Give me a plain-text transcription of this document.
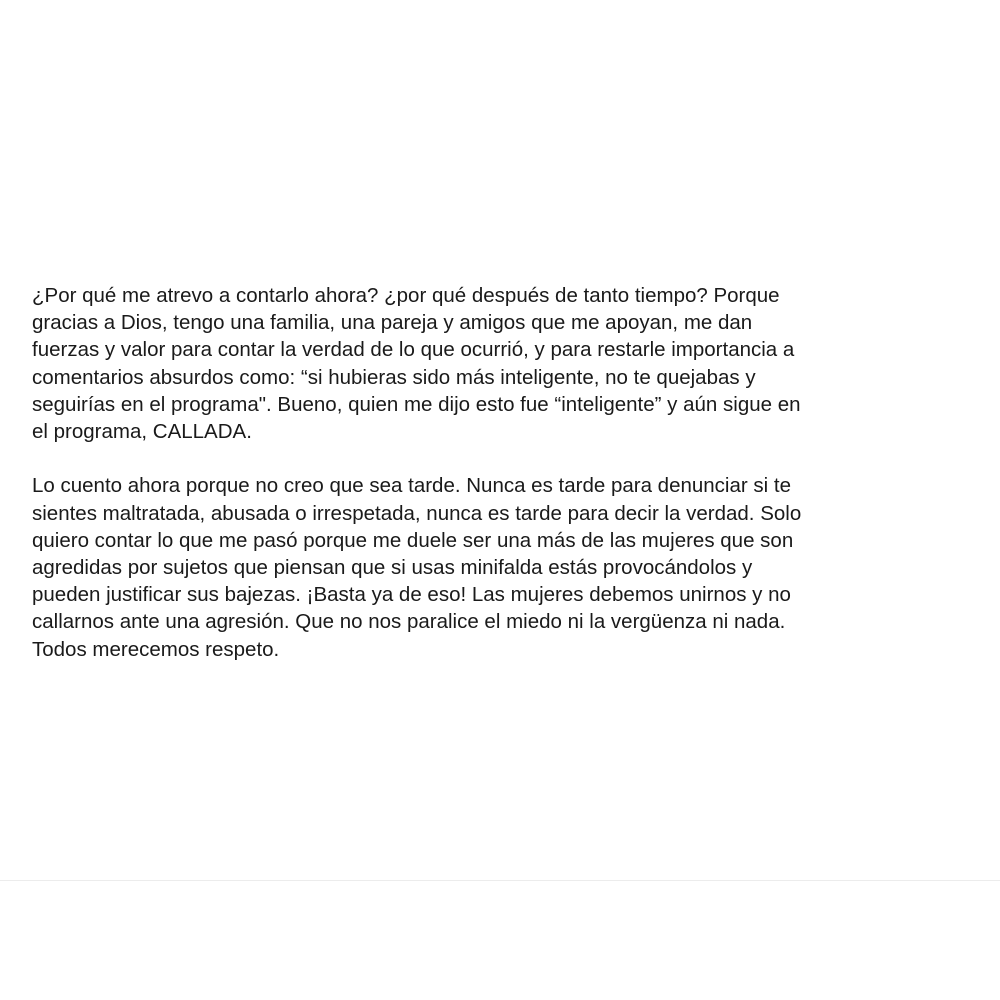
¿Por qué me atrevo a contarlo ahora? ¿por qué después de tanto tiempo? Porque
gracias a Dios, tengo una familia, una pareja y amigos que me apoyan, me dan
fuerzas y valor para contar la verdad de lo que ocurrió, y para restarle importancia a
comentarios absurdos como: “si hubieras sido más inteligente, no te quejabas y
seguirías en el programa". Bueno, quien me dijo esto fue “inteligente” y aún sigue en
el programa, CALLADA.

Lo cuento ahora porque no creo que sea tarde. Nunca es tarde para denunciar si te
sientes maltratada, abusada o irrespetada, nunca es tarde para decir la verdad. Solo
quiero contar lo que me pasó porque me duele ser una más de las mujeres que son
agredidas por sujetos que piensan que si usas minifalda estás provocándolos y
pueden justificar sus bajezas. ¡Basta ya de eso! Las mujeres debemos unirnos y no
callarnos ante una agresión. Que no nos paralice el miedo ni la vergüenza ni nada.
Todos merecemos respeto.
